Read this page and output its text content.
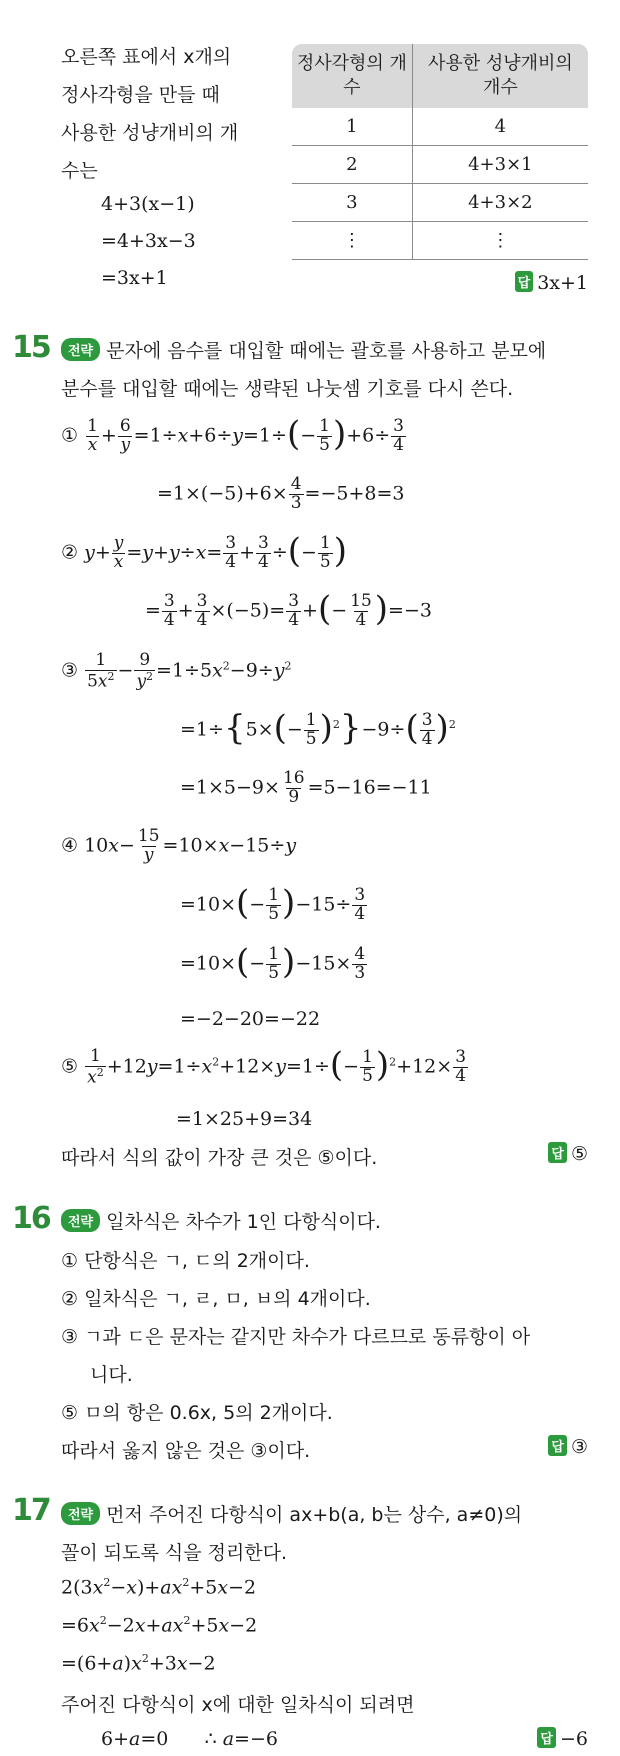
오른쪽 표에서 x개의
정사각형을 만들 때
사용한 성냥개비의 개
수는
4+3(x−1)
=4+3x−3
=3x+1
정사각형의 개수	사용한 성냥개비의 개수
1	4
2	4+3×1
3	4+3×2
⋮	⋮
답 3x+1
15	전략 문자에 음수를 대입할 때에는 괄호를 사용하고 분모에
분수를 대입할 때에는 생략된 나눗셈 기호를 다시 쓴다.
① $\frac{1}{x} + \frac{6}{y} =1\div x+6\div y=1\div(- \frac{1}{5} )+6\div \frac{3}{4}$
$=1\times(-5)+6\times \frac{4}{3} =-5+8=3$
② $y+ \frac{y}{x} =y+y\div x= \frac{3}{4} + \frac{3}{4}$ ÷(− $\frac{1}{5}$ )
= $\frac{3}{4} + \frac{3}{4} \times(-5)= \frac{3}{4}$ +(− $\frac{15}{4} )=-3$
③ $\frac{1}{5x^2} - \frac{9}{y^2} =1\div 5x^2-9\div y^2$
$=1\div\{5\times(- \frac{1}{5} )^2\}-9\div( \frac{3}{4} )^2$
$=1\times 5-9\times \frac{16}{9} =5-16=-11$
④ $10x- \frac{15}{y} =10\times x-15\div y$
$=10\times(- \frac{1}{5} )-15\div \frac{3}{4}$
$=10\times(- \frac{1}{5} )-15\times \frac{4}{3}$
=−2−20=−22
⑤ $\frac{1}{x^2} +12y=1\div x^2+12\times y=1\div(- \frac{1}{5} )^2+12\times \frac{3}{4}$
=1×25+9=34
따라서 식의 값이 가장 큰 것은 ⑤이다.	답 ⑤
16	전략 일차식은 차수가 1인 다항식이다.
① 단항식은 ㄱ, ㄷ의 2개이다.
② 일차식은 ㄱ, ㄹ, ㅁ, ㅂ의 4개이다.
③ ㄱ과 ㄷ은 문자는 같지만 차수가 다르므로 동류항이 아
니다.
⑤ ㅁ의 항은 0.6x, 5의 2개이다.
따라서 옳지 않은 것은 ③이다.	답 ③
17	전략 먼저 주어진 다항식이 ax+b(a, b는 상수, a≠0)의
꼴이 되도록 식을 정리한다.
$2(3x^2-x)+ax^2+5x-2$
$=6x^2-2x+ax^2+5x-2$
$=(6+a)x^2+3x-2$
주어진 다항식이 x에 대한 일차식이 되려면
6+a=0      ∴ a=−6	답 −6
